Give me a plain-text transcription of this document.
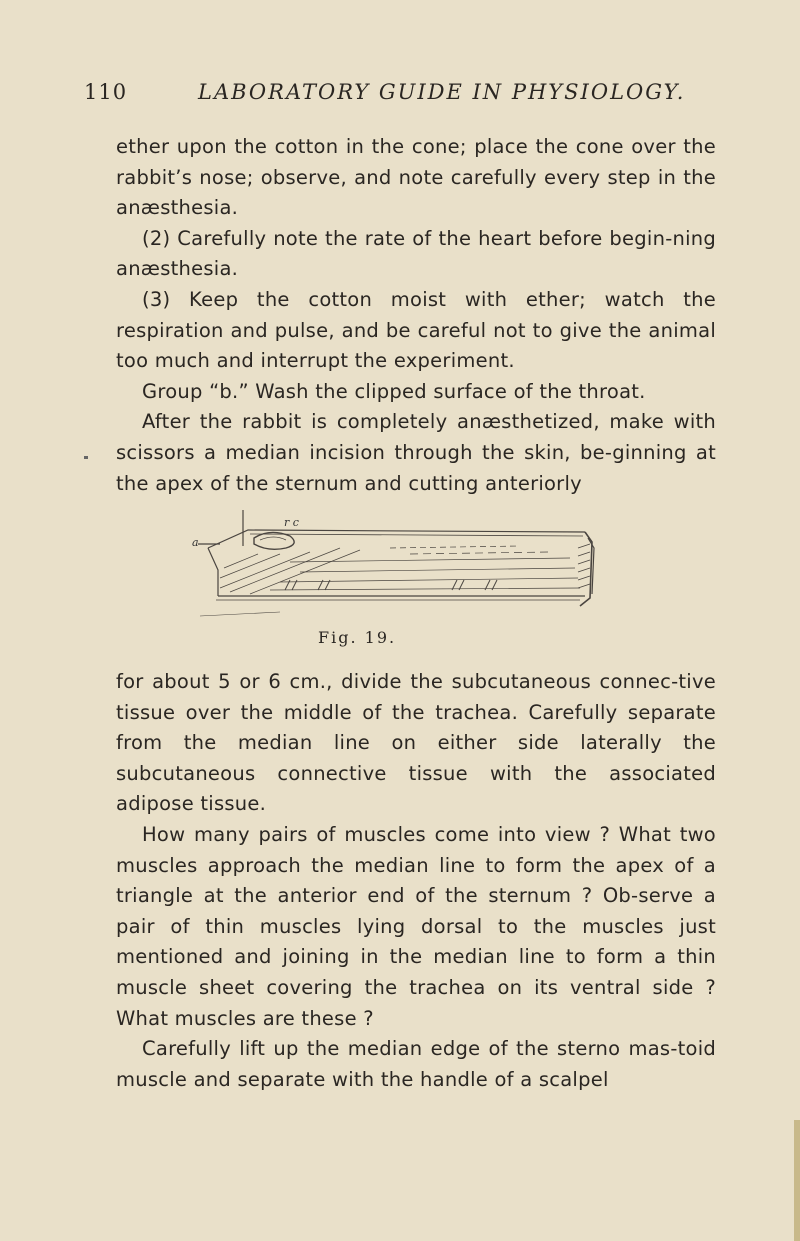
110	LABORATORY GUIDE IN PHYSIOLOGY.

ether upon the cotton in the cone; place the cone over the rabbit’s nose; observe, and note carefully every step in the anæsthesia.

(2) Carefully note the rate of the heart before begin-ning anæsthesia.

(3) Keep the cotton moist with ether; watch the respiration and pulse, and be careful not to give the animal too much and interrupt the experiment.

Group “b.” Wash the clipped surface of the throat.

After the rabbit is completely anæsthetized, make with scissors a median incision through the skin, be-ginning at the apex of the sternum and cutting anteriorly

a
r c
Fig. 19.

for about 5 or 6 cm., divide the subcutaneous connec-tive tissue over the middle of the trachea. Carefully separate from the median line on either side laterally the subcutaneous connective tissue with the associated adipose tissue.

How many pairs of muscles come into view ? What two muscles approach the median line to form the apex of a triangle at the anterior end of the sternum ? Ob-serve a pair of thin muscles lying dorsal to the muscles just mentioned and joining in the median line to form a thin muscle sheet covering the trachea on its ventral side ? What muscles are these ?

Carefully lift up the median edge of the sterno mas-toid muscle and separate with the handle of a scalpel
